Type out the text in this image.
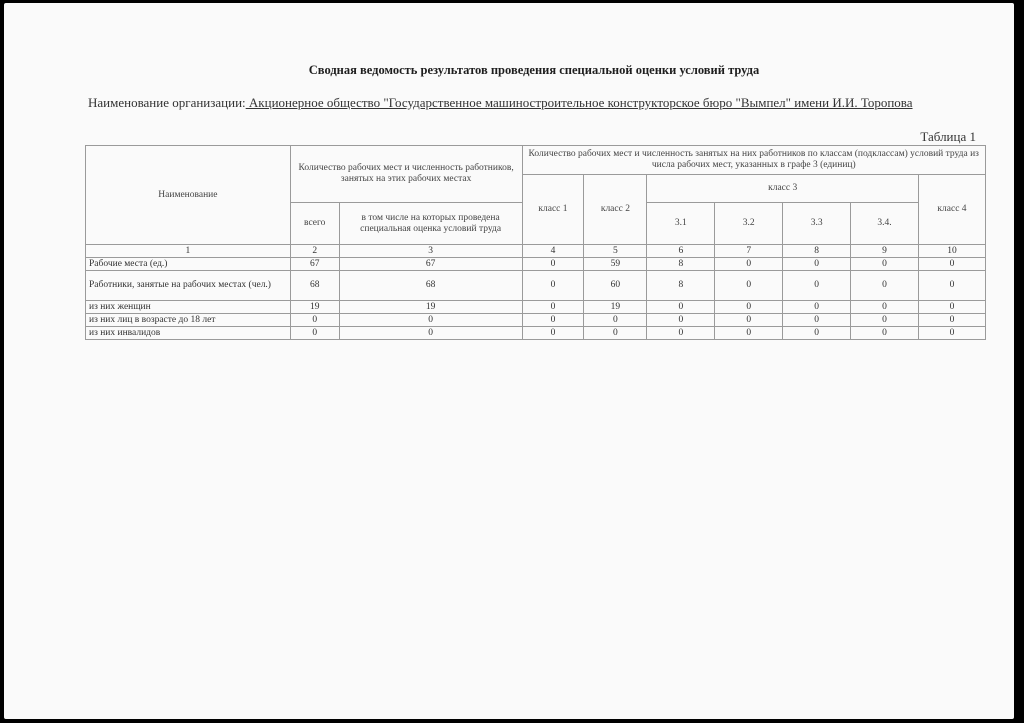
Сводная ведомость результатов проведения специальной оценки условий труда
Наименование организации: Акционерное общество "Государственное машиностроительное конструкторское бюро "Вымпел" имени И.И. Торопова
Таблица 1
Наименование	Количество рабочих мест и численность работников, занятых на этих рабочих местах		Количество рабочих мест и численность занятых на них работников по классам (подклассам) условий труда из числа рабочих мест, указанных в графе 3 (единиц)						
			класс 1	класс 2	класс 3				класс 4
	всего	в том числе на которых проведена специальная оценка условий труда			3.1	3.2	3.3	3.4.	
1	2	3	4	5	6	7	8	9	10
Рабочие места (ед.)	67	67	0	59	8	0	0	0	0
Работники, занятые на рабочих местах (чел.)	68	68	0	60	8	0	0	0	0
из них женщин	19	19	0	19	0	0	0	0	0
из них лиц в возрасте до 18 лет	0	0	0	0	0	0	0	0	0
из них инвалидов	0	0	0	0	0	0	0	0	0
